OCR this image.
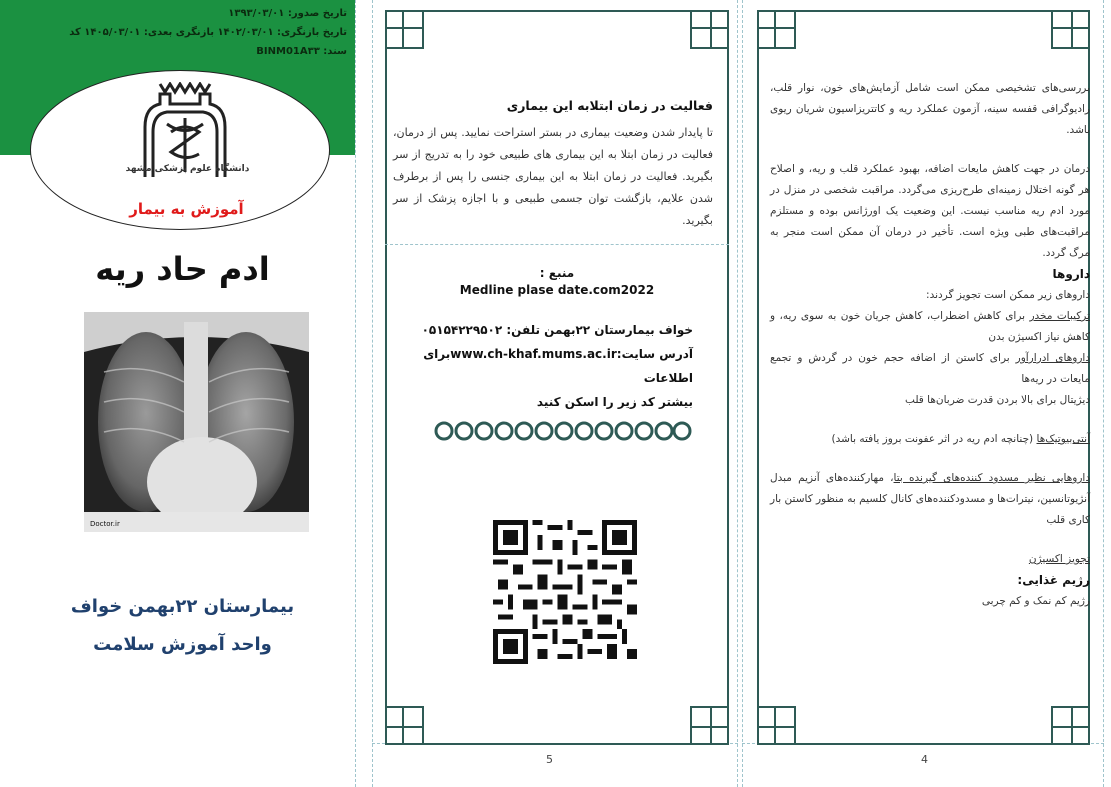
تاریخ صدور: ۱۳۹۳/۰۳/۰۱
تاریخ بازنگری: ۱۴۰۲/۰۳/۰۱ بازنگری بعدی: ۱۴۰۵/۰۳/۰۱ کد
سند: BINM01A۳۳
دانشگاه علوم پزشکی مشهد
آموزش به بیمار
ادم حاد ریه
Doctor.ir
بیمارستان ۲۲بهمن خواف
واحد آموزش سلامت
فعالیت در زمان ابتلابه این بیماری
تا پایدار شدن وضعیت بیماری در بستر استراحت نمایید. پس از درمان، فعالیت در زمان ابتلا به این بیماری های طبیعی خود را به تدریج از سر بگیرید. فعالیت در زمان ابتلا به این بیماری جنسی را پس از برطرف شدن علایم، بازگشت توان جسمی طبیعی و با اجازه پزشک از سر بگیرید.
منبع :
Medline plase date.com2022
خواف بیمارستان ۲۲بهمن تلفن: ۰۵۱۵۴۲۲۹۵۰۲
آدرس سایت:www.ch-khaf.mums.ac.irبرای اطلاعات
بیشتر کد زیر را اسکن کنید
5

بررسی‌های تشخیصی ممکن است شامل آزمایش‌های خون، نوار قلب، رادیوگرافی قفسه سینه، آزمون عملکرد ریه و کاتتریزاسیون شریان ریوی باشد.

درمان در جهت کاهش مایعات اضافه، بهبود عملکرد قلب و ریه، و اصلاح هر گونه اختلال زمینه‌ای طرح‌ریزی می‌گردد. مراقبت شخصی در منزل در مورد ادم ریه مناسب نیست. این وضعیت یک اورژانس بوده و مستلزم مراقبت‌های طبی ویژه است. تأخیر در درمان آن ممکن است منجر به مرگ گردد.

داروها

داروهای زیر ممکن است تجویز گردند:

ترکیبات مخدر برای کاهش اضطراب، کاهش جریان خون به سوی ریه، و کاهش نیاز اکسیژن بدن

داروهای ادرارآور برای کاستن از اضافه حجم خون در گردش و تجمع مایعات در ریه‌ها

دیژیتال برای بالا بردن قدرت ضربان‌ها قلب

آنتی‌بیوتیک‌ها (چنانچه ادم ریه در اثر عفونت بروز یافته باشد)

داروهایی نظیر مسدود کننده‌های گیرنده بتا، مهارکننده‌های آنزیم مبدل آنژیوتانسین، نیترات‌ها و مسدودکننده‌های کانال کلسیم به منظور کاستن بار کاری قلب

تجویز اکسیژن

رژیم غذایی:

رژیم کم نمک و کم چربی

4
